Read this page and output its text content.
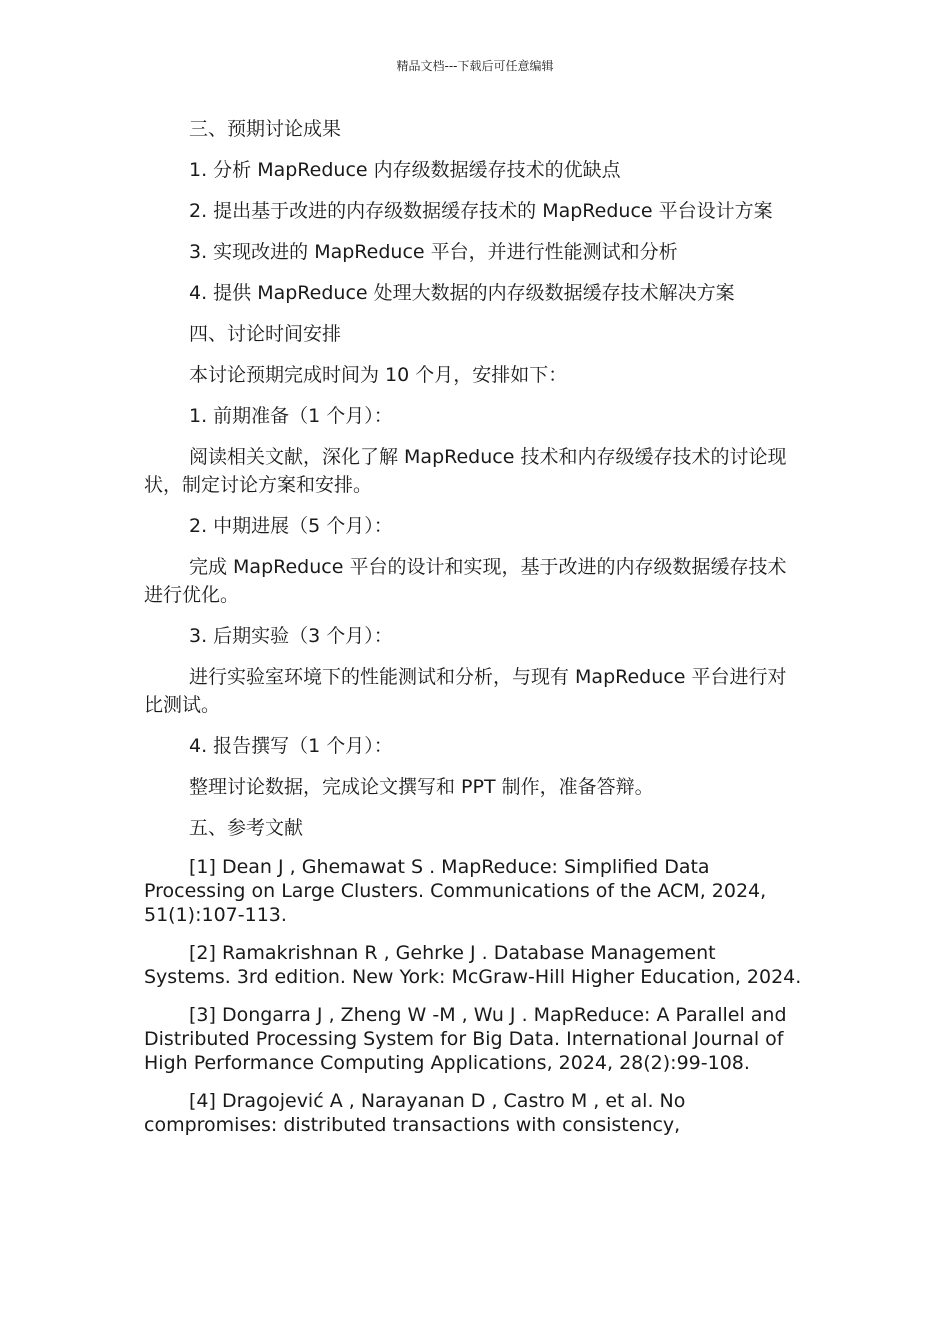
精品文档---下载后可任意编辑

三、预期讨论成果

1. 分析 MapReduce 内存级数据缓存技术的优缺点

2. 提出基于改进的内存级数据缓存技术的 MapReduce 平台设计方案

3. 实现改进的 MapReduce 平台，并进行性能测试和分析

4. 提供 MapReduce 处理大数据的内存级数据缓存技术解决方案

四、讨论时间安排

本讨论预期完成时间为 10 个月，安排如下：

1. 前期准备（1 个月）：

阅读相关文献，深化了解 MapReduce 技术和内存级缓存技术的讨论现状，制定讨论方案和安排。

2. 中期进展（5 个月）：

完成 MapReduce 平台的设计和实现，基于改进的内存级数据缓存技术进行优化。

3. 后期实验（3 个月）：

进行实验室环境下的性能测试和分析，与现有 MapReduce 平台进行对比测试。

4. 报告撰写（1 个月）：

整理讨论数据，完成论文撰写和 PPT 制作，准备答辩。

五、参考文献

[1] Dean J , Ghemawat S . MapReduce: Simplified Data Processing on Large Clusters. Communications of the ACM, 2024, 51(1):107-113.

[2] Ramakrishnan R , Gehrke J . Database Management Systems. 3rd edition. New York: McGraw-Hill Higher Education, 2024.

[3] Dongarra J , Zheng W -M , Wu J . MapReduce: A Parallel and Distributed Processing System for Big Data. International Journal of High Performance Computing Applications, 2024, 28(2):99-108.

[4] Dragojević A , Narayanan D , Castro M , et al. No compromises: distributed transactions with consistency,
